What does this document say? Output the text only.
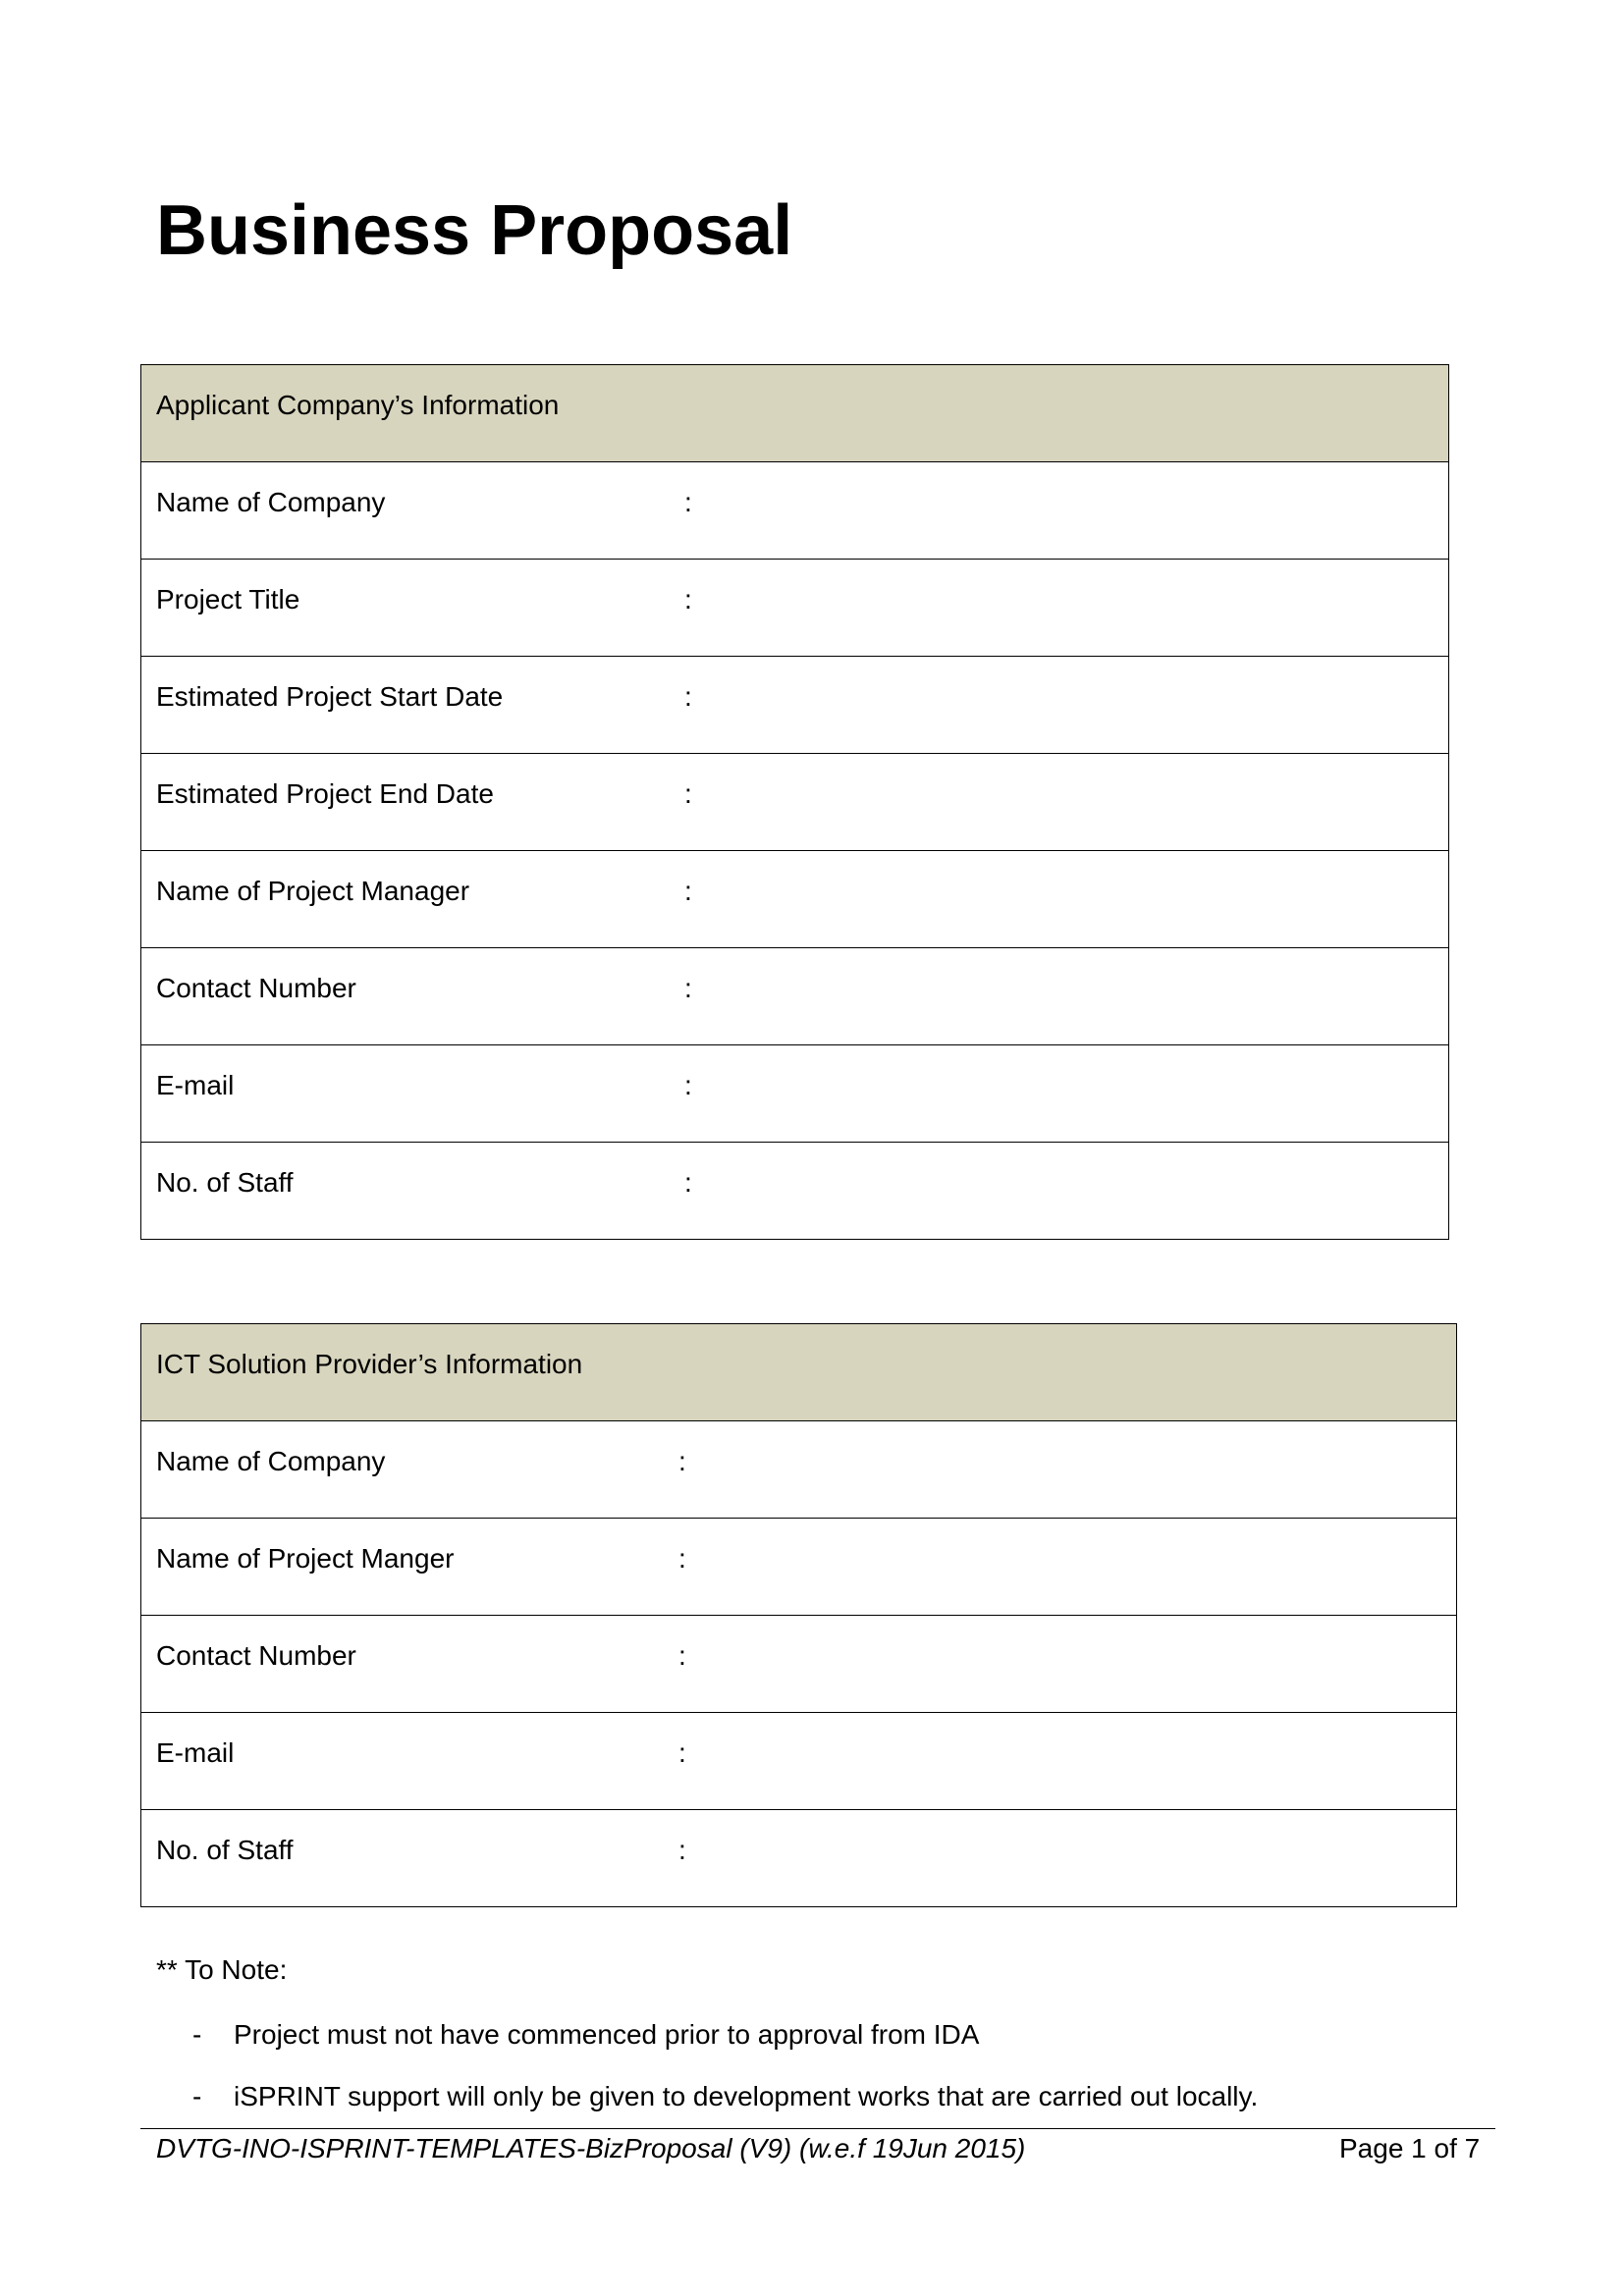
Business Proposal
Applicant Company’s Information
Name of Company	:
Project Title	:
Estimated Project Start Date	:
Estimated Project End Date	:
Name of Project Manager	:
Contact Number	:
E-mail	:
No. of Staff	:
ICT Solution Provider’s Information
Name of Company	:
Name of Project Manger	:
Contact Number	:
E-mail	:
No. of Staff	:

** To Note:

- Project must not have commenced prior to approval from IDA
- iSPRINT support will only be given to development works that are carried out locally.
DVTG-INO-ISPRINT-TEMPLATES-BizProposal (V9) (w.e.f 19Jun 2015)	Page 1 of 7
